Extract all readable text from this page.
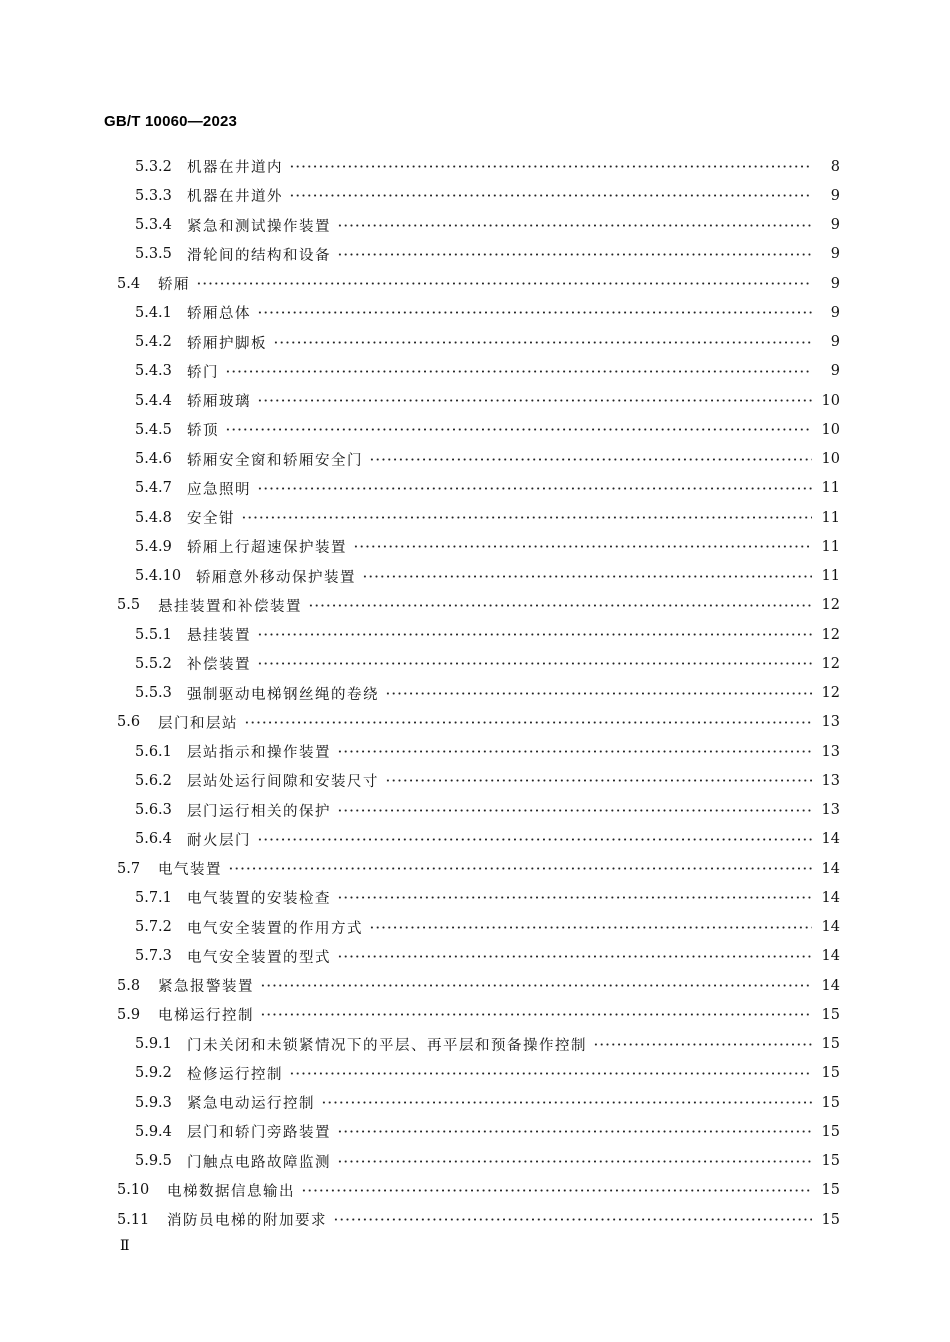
GB/T 10060—2023
5.3.2	机器在井道内	8
5.3.3	机器在井道外	9
5.3.4	紧急和测试操作装置	9
5.3.5	滑轮间的结构和设备	9
5.4	轿厢	9
5.4.1	轿厢总体	9
5.4.2	轿厢护脚板	9
5.4.3	轿门	9
5.4.4	轿厢玻璃	10
5.4.5	轿顶	10
5.4.6	轿厢安全窗和轿厢安全门	10
5.4.7	应急照明	11
5.4.8	安全钳	11
5.4.9	轿厢上行超速保护装置	11
5.4.10	轿厢意外移动保护装置	11
5.5	悬挂装置和补偿装置	12
5.5.1	悬挂装置	12
5.5.2	补偿装置	12
5.5.3	强制驱动电梯钢丝绳的卷绕	12
5.6	层门和层站	13
5.6.1	层站指示和操作装置	13
5.6.2	层站处运行间隙和安装尺寸	13
5.6.3	层门运行相关的保护	13
5.6.4	耐火层门	14
5.7	电气装置	14
5.7.1	电气装置的安装检查	14
5.7.2	电气安全装置的作用方式	14
5.7.3	电气安全装置的型式	14
5.8	紧急报警装置	14
5.9	电梯运行控制	15
5.9.1	门未关闭和未锁紧情况下的平层、再平层和预备操作控制	15
5.9.2	检修运行控制	15
5.9.3	紧急电动运行控制	15
5.9.4	层门和轿门旁路装置	15
5.9.5	门触点电路故障监测	15
5.10	电梯数据信息输出	15
5.11	消防员电梯的附加要求	15
Ⅱ
